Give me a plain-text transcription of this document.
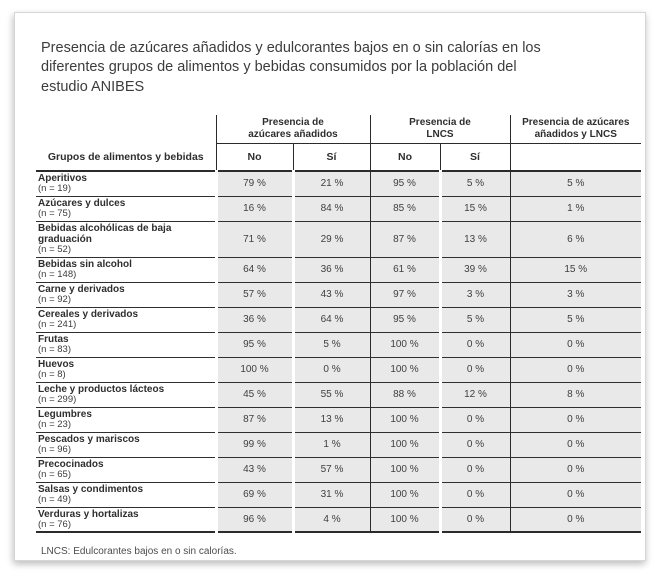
Presencia de azúcares añadidos y edulcorantes bajos en o sin calorías en los diferentes grupos de alimentos y bebidas consumidos por la población del estudio ANIBES
Grupos de alimentos y bebidas	Presencia de azúcares añadidos		Presencia de LNCS		Presencia de azúcares añadidos y LNCS
	No	Sí	No	Sí	

Aperitivos
(n = 19)	79 %	21 %	95 %	5 %	5 %

Azúcares y dulces
(n = 75)	16 %	84 %	85 %	15 %	1 %

Bebidas alcohólicas de baja graduación
(n = 52)	71 %	29 %	87 %	13 %	6 %

Bebidas sin alcohol
(n = 148)	64 %	36 %	61 %	39 %	15 %

Carne y derivados
(n = 92)	57 %	43 %	97 %	3 %	3 %

Cereales y derivados
(n = 241)	36 %	64 %	95 %	5 %	5 %

Frutas
(n = 83)	95 %	5 %	100 %	0 %	0 %

Huevos
(n = 8)	100 %	0 %	100 %	0 %	0 %

Leche y productos lácteos
(n = 299)	45 %	55 %	88 %	12 %	8 %

Legumbres
(n = 23)	87 %	13 %	100 %	0 %	0 %

Pescados y mariscos
(n = 96)	99 %	1 %	100 %	0 %	0 %

Precocinados
(n = 65)	43 %	57 %	100 %	0 %	0 %

Salsas y condimentos
(n = 49)	69 %	31 %	100 %	0 %	0 %

Verduras y hortalizas
(n = 76)	96 %	4 %	100 %	0 %	0 %
LNCS: Edulcorantes bajos en o sin calorías.
